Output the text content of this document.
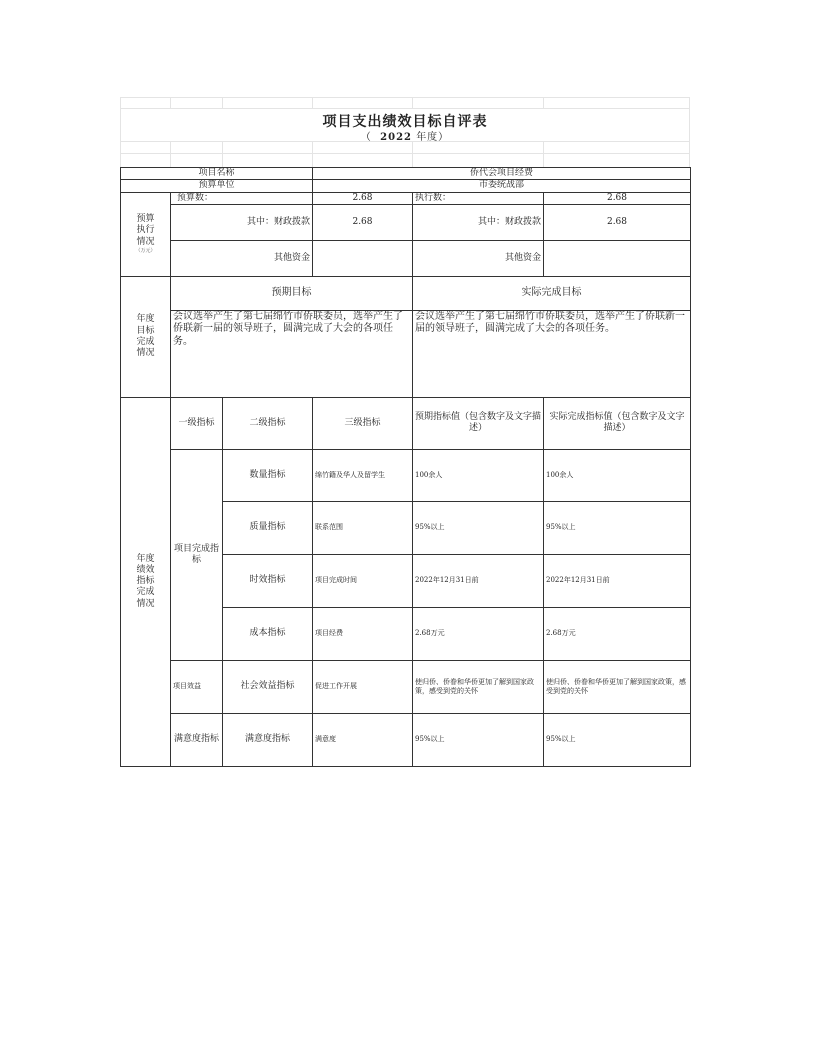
项目支出绩效目标自评表
（ 2022 年度）
项目名称			侨代会项目经费		
预算单位			市委统战部		
预算执行情况
（万元）	预算数：		2.68	执行数：	2.68
	其中：财政拨款		2.68	其中：财政拨款	2.68
	其他资金			其他资金	
年度目标完成情况	预期目标			实际完成目标	
	会议选举产生了第七届绵竹市侨联委员，选举产生了侨联新一届的领导班子，圆满完成了大会的各项任务。			会议选举产生了第七届绵竹市侨联委员，选举产生了侨联新一届的领导班子，圆满完成了大会的各项任务。	
年度绩效指标完成情况	一级指标	二级指标	三级指标	预期指标值（包含数字及文字描述）	实际完成指标值（包含数字及文字描述）
	项目完成指标	数量指标	绵竹籍及华人及留学生	100余人	100余人
		质量指标	联系范围	95%以上	95%以上
		时效指标	项目完成时间	2022年12月31日前	2022年12月31日前
		成本指标	项目经费	2.68万元	2.68万元
	项目效益	社会效益指标	促进工作开展	使归侨、侨眷和华侨更加了解到国家政策，感受到党的关怀	使归侨、侨眷和华侨更加了解到国家政策，感受到党的关怀
	满意度指标	满意度指标	满意度	95%以上	95%以上
